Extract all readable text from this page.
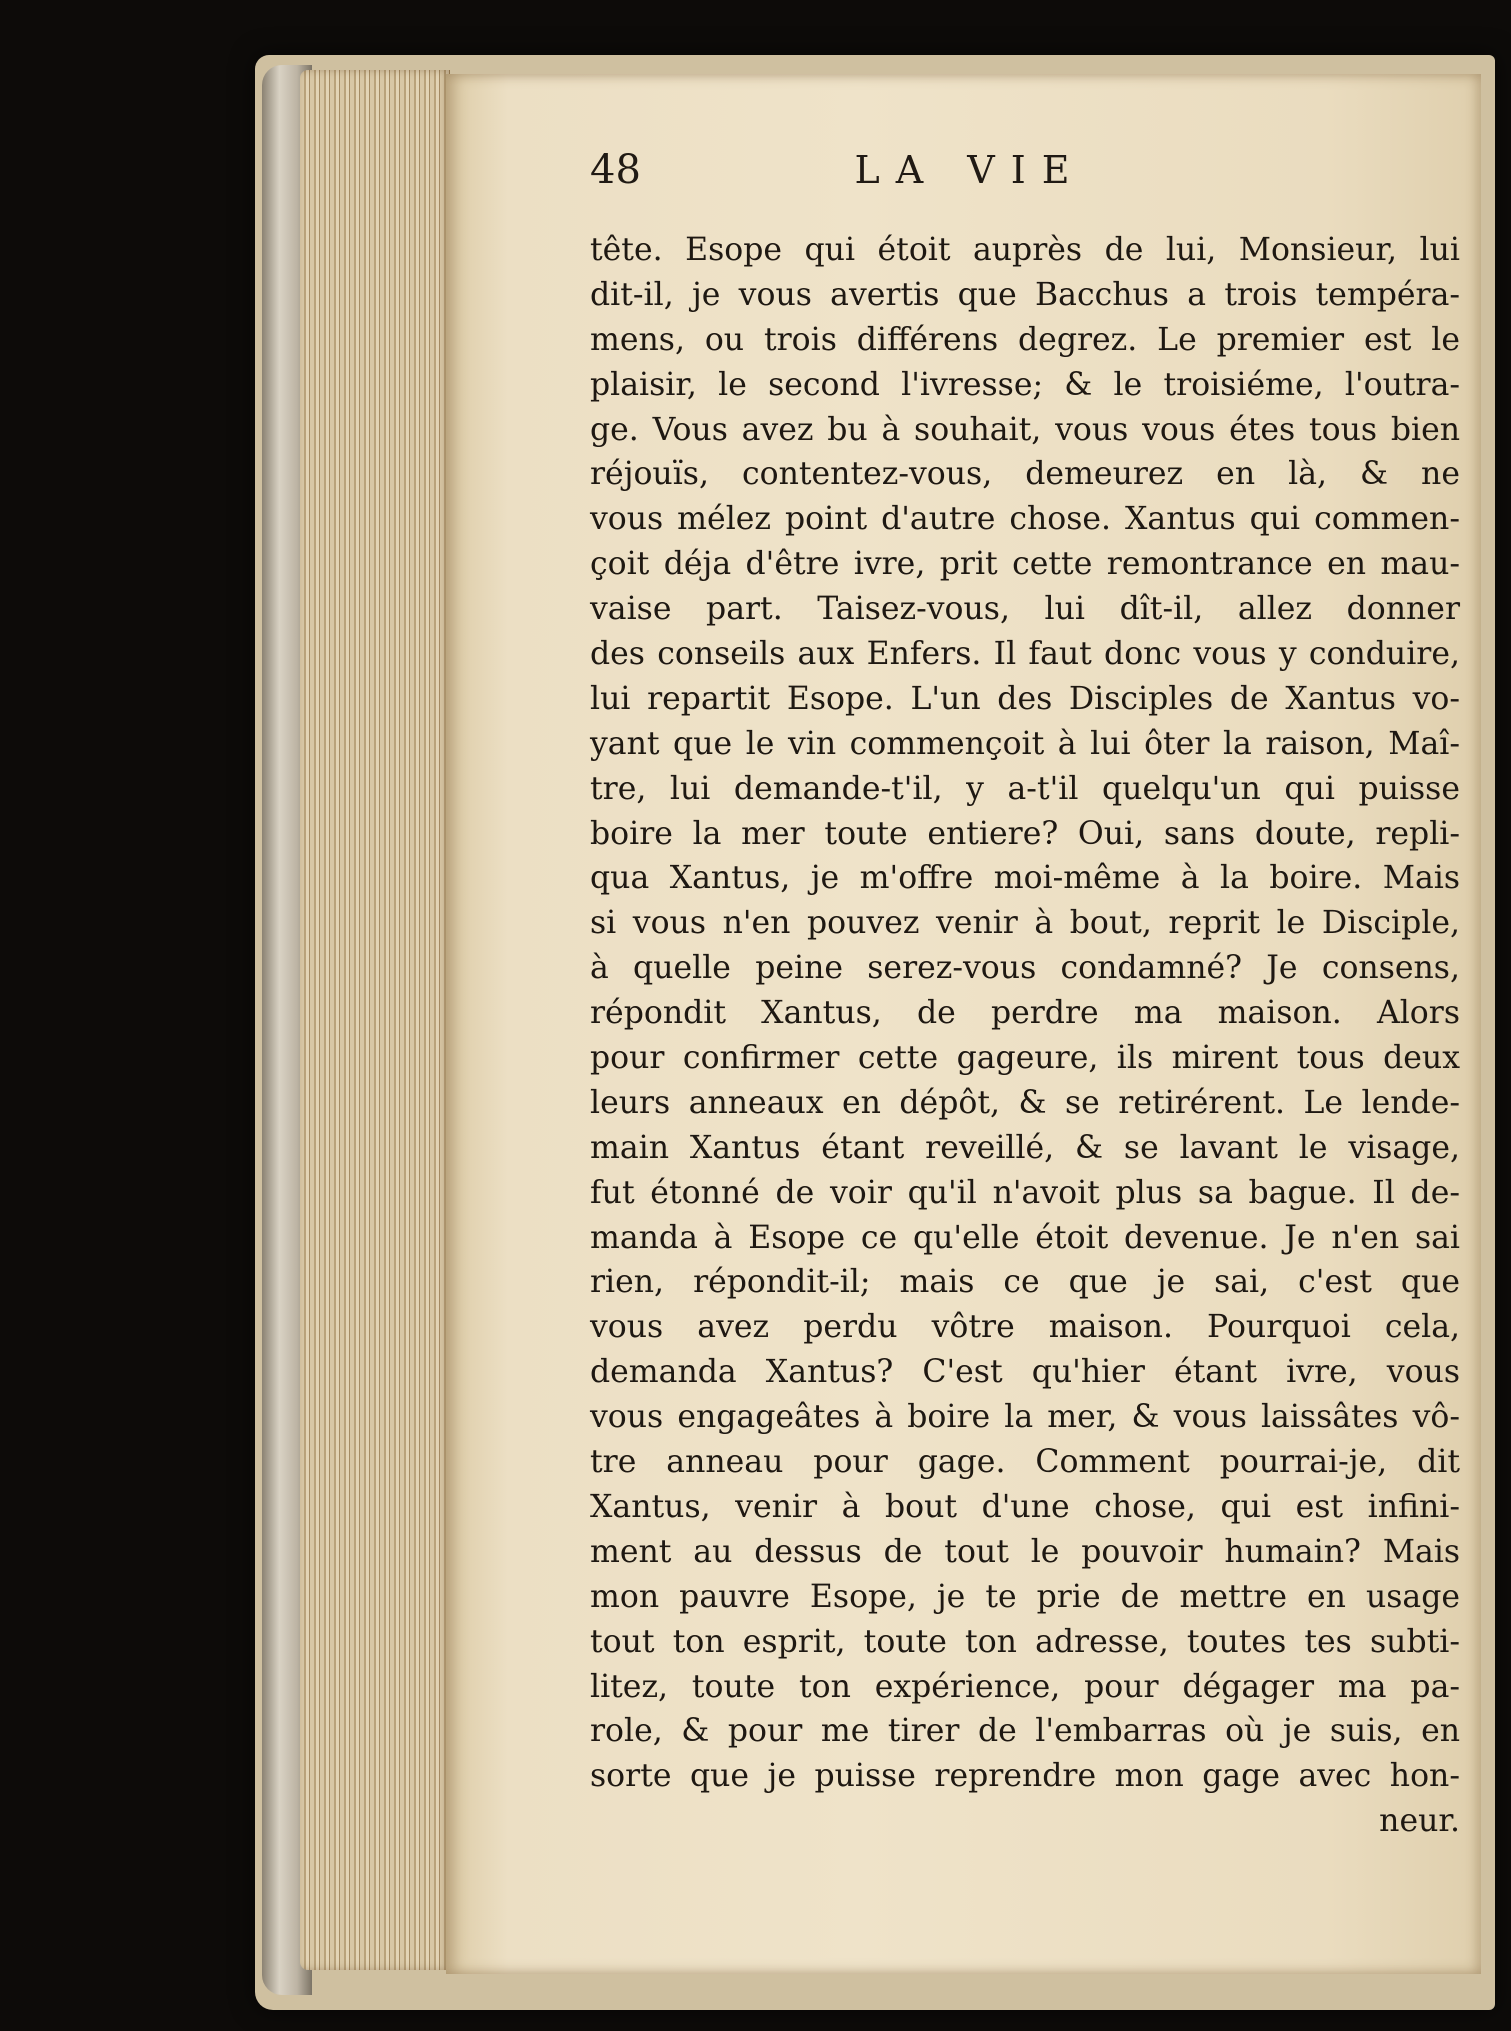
48	LA VIE
tête. Esope qui étoit auprès de lui, Monsieur, lui
dit-il, je vous avertis que Bacchus a trois tempéra-
mens, ou trois différens degrez. Le premier est le
plaisir, le second l'ivresse; & le troisiéme, l'outra-
ge. Vous avez bu à souhait, vous vous étes tous bien
réjouïs, contentez-vous, demeurez en là, & ne
vous mélez point d'autre chose. Xantus qui commen-
çoit déja d'être ivre, prit cette remontrance en mau-
vaise part. Taisez-vous, lui dît-il, allez donner
des conseils aux Enfers. Il faut donc vous y conduire,
lui repartit Esope. L'un des Disciples de Xantus vo-
yant que le vin commençoit à lui ôter la raison, Maî-
tre, lui demande-t'il, y a-t'il quelqu'un qui puisse
boire la mer toute entiere? Oui, sans doute, repli-
qua Xantus, je m'offre moi-même à la boire. Mais
si vous n'en pouvez venir à bout, reprit le Disciple,
à quelle peine serez-vous condamné? Je consens,
répondit Xantus, de perdre ma maison. Alors
pour confirmer cette gageure, ils mirent tous deux
leurs anneaux en dépôt, & se retirérent. Le lende-
main Xantus étant reveillé, & se lavant le visage,
fut étonné de voir qu'il n'avoit plus sa bague. Il de-
manda à Esope ce qu'elle étoit devenue. Je n'en sai
rien, répondit-il; mais ce que je sai, c'est que
vous avez perdu vôtre maison. Pourquoi cela,
demanda Xantus? C'est qu'hier étant ivre, vous
vous engageâtes à boire la mer, & vous laissâtes vô-
tre anneau pour gage. Comment pourrai-je, dit
Xantus, venir à bout d'une chose, qui est infini-
ment au dessus de tout le pouvoir humain? Mais
mon pauvre Esope, je te prie de mettre en usage
tout ton esprit, toute ton adresse, toutes tes subti-
litez, toute ton expérience, pour dégager ma pa-
role, & pour me tirer de l'embarras où je suis, en
sorte que je puisse reprendre mon gage avec hon-
neur.
